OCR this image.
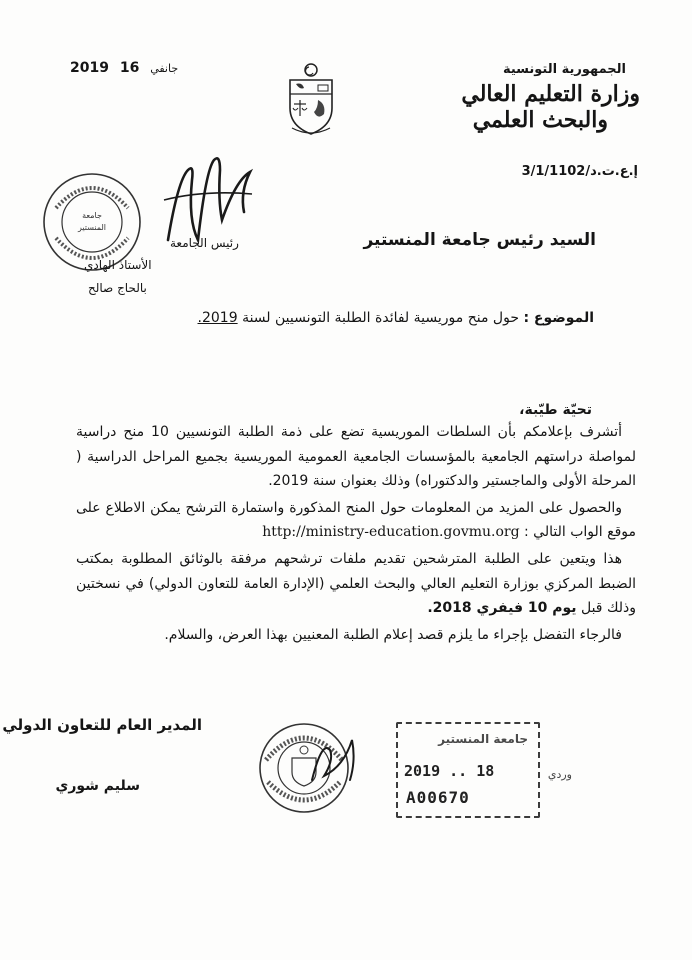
2019	جانفي 16	الجمهورية التونسية
وزارة التعليم العالي
والبحث العلمي
إ.ع.ت.د/3/1/1102
جامعة
المنستير
رئيس الجامعة
الأستاذ الهادي
بالحاج صالح
السيد رئيس جامعة المنستير
الموضوع : حول منح موريسية لفائدة الطلبة التونسيين لسنة 2019.
تحيّة طيّبة،

أتشرف بإعلامكم بأن السلطات الموريسية تضع على ذمة الطلبة التونسيين 10 منح دراسية لمواصلة دراستهم الجامعية بالمؤسسات الجامعية العمومية الموريسية بجميع المراحل الدراسية ( المرحلة الأولى والماجستير والدكتوراه) وذلك بعنوان سنة 2019.

والحصول على المزيد من المعلومات حول المنح المذكورة واستمارة الترشح يمكن الاطلاع على موقع الواب التالي : http://ministry-education.govmu.org

هذا ويتعين على الطلبة المترشحين تقديم ملفات ترشحهم مرفقة بالوثائق المطلوبة بمكتب الضبط المركزي بوزارة التعليم العالي والبحث العلمي (الإدارة العامة للتعاون الدولي) في نسختين وذلك قبل يوم 10 فيفري 2018.

فالرجاء التفضل بإجراء ما يلزم قصد إعلام الطلبة المعنيين بهذا العرض، والسلام.

المدير العام للتعاون الدولي
سليم شوري
جامعة المنستير
2019 .. 18	وردي
A00670
